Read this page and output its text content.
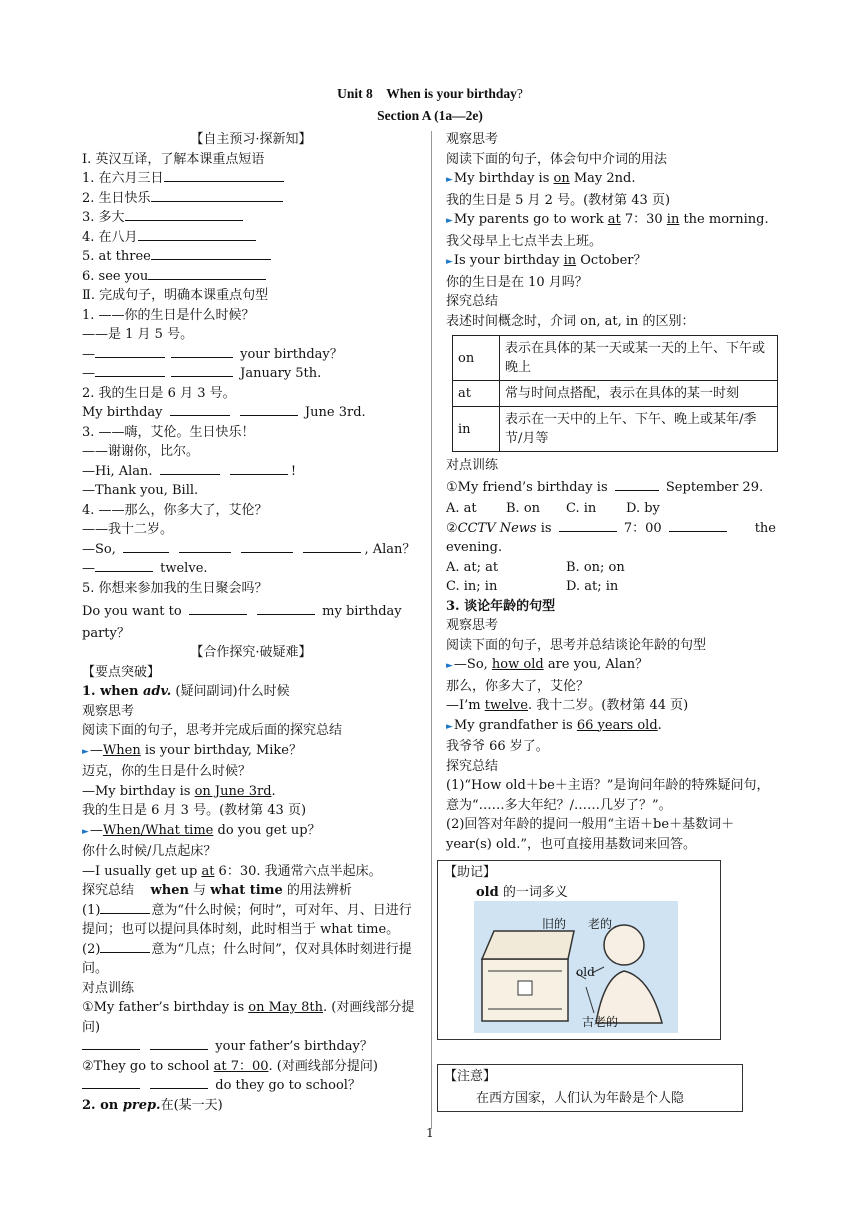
Unit 8    When is your birthday?
Section A (1a—2e)
【自主预习·探新知】
Ⅰ. 英汉互译，了解本课重点短语
1. 在六月三日
2. 生日快乐
3. 多大
4. 在八月
5. at three
6. see you
Ⅱ. 完成句子，明确本课重点句型
1. ——你的生日是什么时候？
——是 1 月 5 号。
—	your birthday？
—	January 5th.
2. 我的生日是 6 月 3 号。
My birthday	June 3rd.
3. ——嗨，艾伦。生日快乐！
——谢谢你，比尔。
—Hi, Alan.	!
—Thank you, Bill.
4. ——那么，你多大了，艾伦？
——我十二岁。
—So,	, Alan？
—	twelve.
5. 你想来参加我的生日聚会吗？
Do you want to	my birthday
party？
【合作探究·破疑难】
【要点突破】
1. when adv. (疑问副词)什么时候
观察思考
阅读下面的句子，思考并完成后面的探究总结
►—When is your birthday, Mike？
迈克，你的生日是什么时候？
—My birthday is on June 3rd.
我的生日是 6 月 3 号。(教材第 43 页)
►—When/What time do you get up？
你什么时候/几点起床？
—I usually get up at 6：30. 我通常六点半起床。
探究总结 when 与 what time 的用法辨析
(1)	意为“什么时候；何时”，可对年、月、日进行提问；也可以提问具体时刻，此时相当于 what time。
(2)	意为“几点；什么时间”，仅对具体时刻进行提问。
对点训练
①My father’s birthday is on May 8th. (对画线部分提问)
your father’s birthday？
②They go to school at 7：00. (对画线部分提问)
do they go to school？
2. on prep.在(某一天)
观察思考
阅读下面的句子，体会句中介词的用法
►My birthday is on May 2nd.
我的生日是 5 月 2 号。(教材第 43 页)
►My parents go to work at 7：30 in the morning.
我父母早上七点半去上班。
►Is your birthday in October？
你的生日是在 10 月吗？
探究总结
表述时间概念时，介词 on, at, in 的区别：
on	表示在具体的某一天或某一天的上午、下午或晚上
at	常与时间点搭配，表示在具体的某一时刻
in	表示在一天中的上午、下午、晚上或某年/季节/月等
对点训练
①My friend’s birthday is	September 29.
A. at B. on C. in D. by
②CCTV News is	7：00	the
evening.
A. at; at	B. on; on
C. in; in	D. at; in
3. 谈论年龄的句型
观察思考
阅读下面的句子，思考并总结谈论年龄的句型
►—So, how old are you, Alan？
那么，你多大了，艾伦？
—I’m twelve. 我十二岁。(教材第 44 页)
►My grandfather is 66 years old.
我爷爷 66 岁了。
探究总结
(1)“How old＋be＋主语？”是询问年龄的特殊疑问句，意为“……多大年纪？/……几岁了？”。
(2)回答对年龄的提问一般用“主语＋be＋基数词＋year(s) old.”，也可直接用基数词来回答。
【助记】
old 的一词多义
旧的 老的
old
古老的
【注意】
在西方国家，人们认为年龄是个人隐
1
